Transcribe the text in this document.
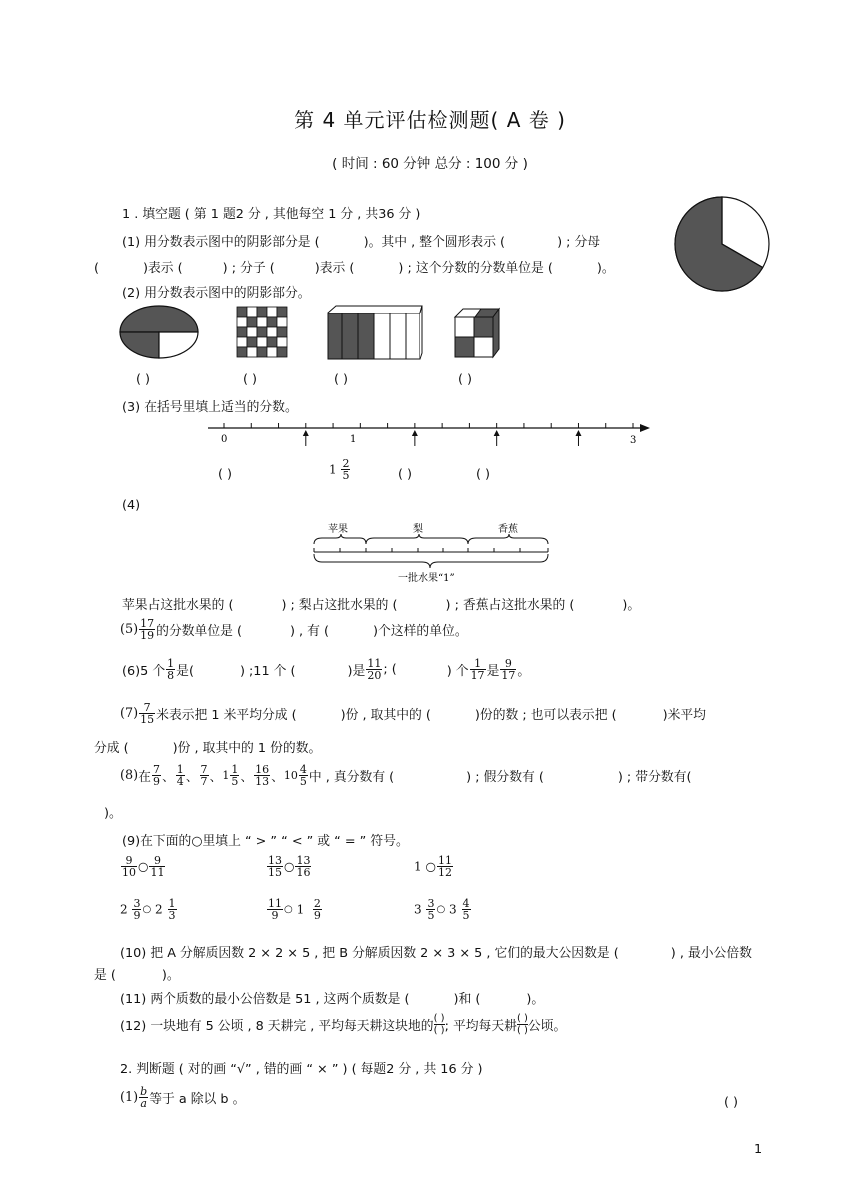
第 4 单元评估检测题( A 卷 )
( 时间 : 60 分钟 总分 : 100 分 )
1 . 填空题 ( 第 1 题2 分 , 其他每空 1 分 , 共36 分 )
(1) 用分数表示图中的阴影部分是 (	)。其中 , 整个圆形表示 (	) ; 分母
(	)表示 (	) ; 分子 (	)表示 (	) ; 这个分数的分数单位是 (	)。
(2) 用分数表示图中的阴影部分。
( )	( )	( )	( )
(3) 在括号里填上适当的分数。
0	1	3
( )	$1 \frac{2}{5}$	( )	( )
(4)
苹果	梨	香蕉
一批水果“1”
苹果占这批水果的 (	) ; 梨占这批水果的 (	) ; 香蕉占这批水果的 (	)。
$(5) \frac{17}{19}$ 的分数单位是 (	) , 有 (	)个这样的单位。
(6)5 个 $\frac{1}{8}$ 是(	) ;11 个 (	)是 $\frac{11}{20}$ ; (	) 个 $\frac{1}{17}$ 是 $\frac{9}{17}$ 。
$(7) \frac{7}{15}$ 米表示把 1 米平均分成 (	)份 , 取其中的 (	)份的数 ; 也可以表示把 (	)米平均
分成 (	)份 , 取其中的 1 份的数。
(8)在 $\frac{7}{9}$ 、 $\frac{1}{4}$ 、 $\frac{7}{7}$ 、$1 \frac{1}{5}$ 、 $\frac{16}{13}$ 、$10 \frac{4}{5}$ 中 , 真分数有 (	) ; 假分数有 (	) ; 带分数有(
)。
(9)在下面的○里填上 “ > ” “ < ” 或 “ = ” 符号。
$\frac{9}{10}$ ○ $\frac{9}{11}$	$\frac{13}{15}$ ○ $\frac{13}{16}$	1 ○ $\frac{11}{12}$
$2 \frac{3}{9}$ ○ $2 \frac{1}{3}$	$\frac{11}{9}$ ○ $1 \frac{2}{9}$	$3 \frac{3}{5}$ ○ $3 \frac{4}{5}$
(10) 把 A 分解质因数 2 × 2 × 5 , 把 B 分解质因数 2 × 3 × 5 , 它们的最大公因数是 (	) , 最小公倍数
是 (	)。
(11) 两个质数的最小公倍数是 51 , 这两个质数是 (	)和 (	)。
(12) 一块地有 5 公顷 , 8 天耕完 , 平均每天耕这块地的 $\frac{( )}{( )}$; 平均每天耕 $\frac{( )}{( )}$公顷。
2. 判断题 ( 对的画 “√” , 错的画 “ × ” ) ( 每题2 分 , 共 16 分 )
$(1) \frac{b}{a}$ 等于 a 除以 b 。	( )
1
